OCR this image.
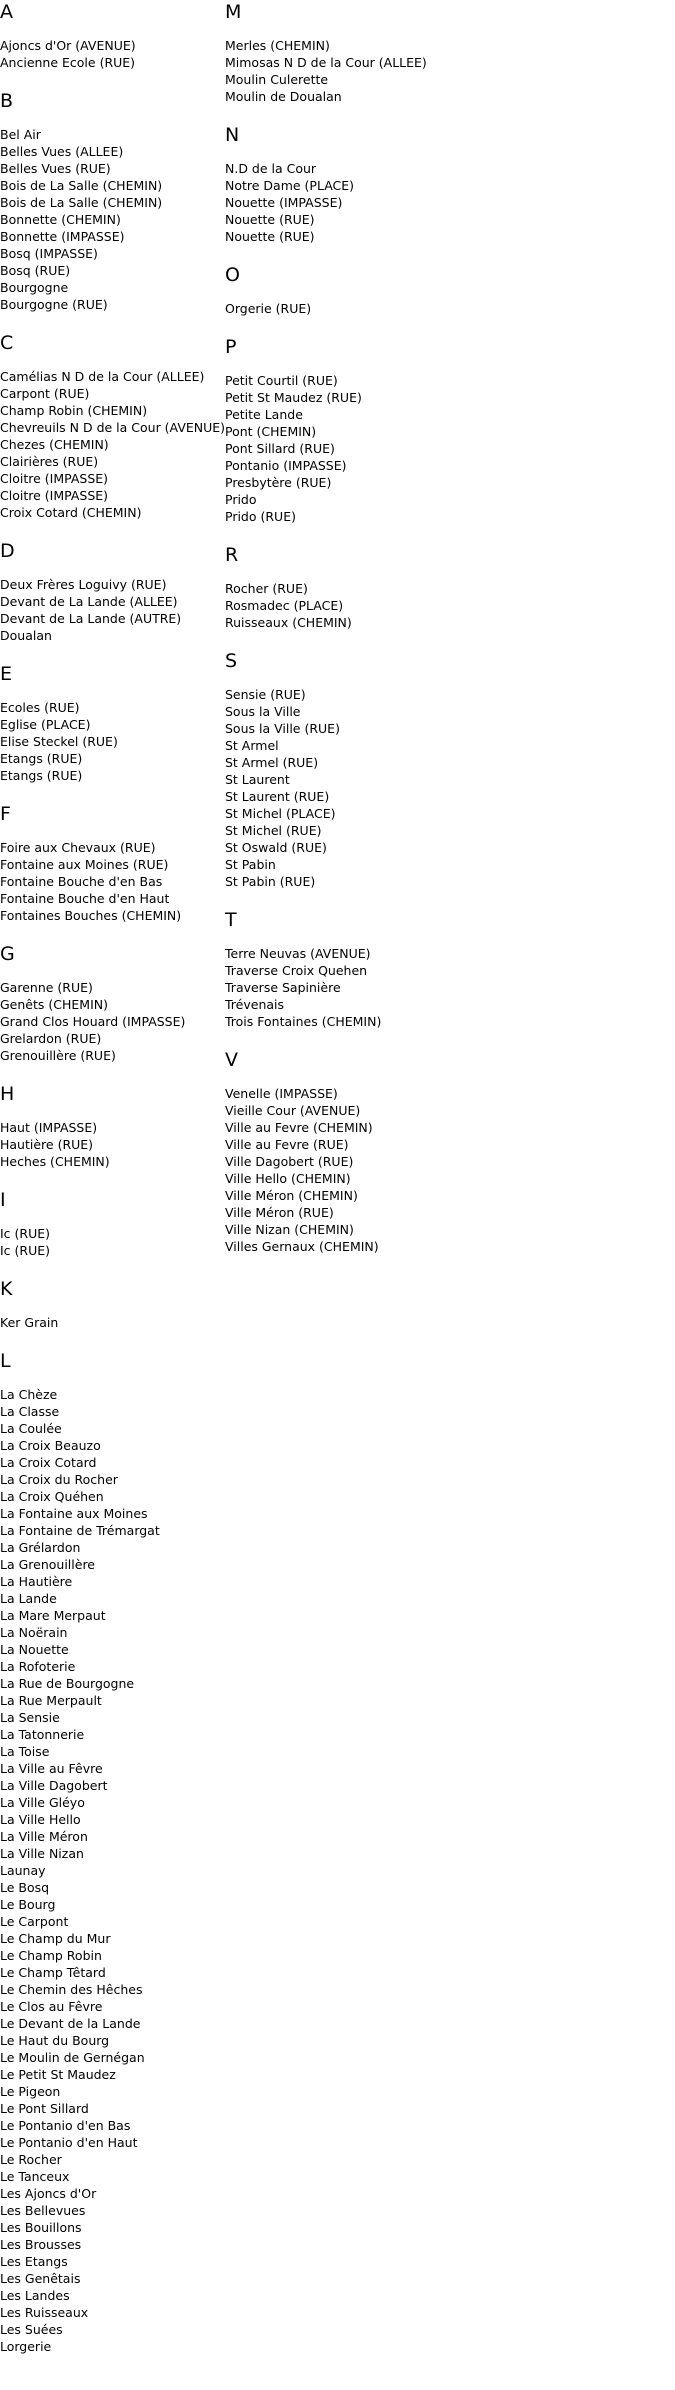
A
Ajoncs d'Or (AVENUE)
Ancienne Ecole (RUE)
B
Bel Air
Belles Vues (ALLEE)
Belles Vues (RUE)
Bois de La Salle (CHEMIN)
Bois de La Salle (CHEMIN)
Bonnette (CHEMIN)
Bonnette (IMPASSE)
Bosq (IMPASSE)
Bosq (RUE)
Bourgogne
Bourgogne (RUE)
C
Camélias N D de la Cour (ALLEE)
Carpont (RUE)
Champ Robin (CHEMIN)
Chevreuils N D de la Cour (AVENUE)
Chezes (CHEMIN)
Clairières (RUE)
Cloitre (IMPASSE)
Cloitre (IMPASSE)
Croix Cotard (CHEMIN)
D
Deux Frères Loguivy (RUE)
Devant de La Lande (ALLEE)
Devant de La Lande (AUTRE)
Doualan
E
Ecoles (RUE)
Eglise (PLACE)
Elise Steckel (RUE)
Etangs (RUE)
Etangs (RUE)
F
Foire aux Chevaux (RUE)
Fontaine aux Moines (RUE)
Fontaine Bouche d'en Bas
Fontaine Bouche d'en Haut
Fontaines Bouches (CHEMIN)
G
Garenne (RUE)
Genêts (CHEMIN)
Grand Clos Houard (IMPASSE)
Grelardon (RUE)
Grenouillère (RUE)
H
Haut (IMPASSE)
Hautière (RUE)
Heches (CHEMIN)
I
Ic (RUE)
Ic (RUE)
K
Ker Grain
L
La Chèze
La Classe
La Coulée
La Croix Beauzo
La Croix Cotard
La Croix du Rocher
La Croix Quéhen
La Fontaine aux Moines
La Fontaine de Trémargat
La Grélardon
La Grenouillère
La Hautière
La Lande
La Mare Merpaut
La Noërain
La Nouette
La Rofoterie
La Rue de Bourgogne
La Rue Merpault
La Sensie
La Tatonnerie
La Toise
La Ville au Fêvre
La Ville Dagobert
La Ville Gléyo
La Ville Hello
La Ville Méron
La Ville Nizan
Launay
Le Bosq
Le Bourg
Le Carpont
Le Champ du Mur
Le Champ Robin
Le Champ Têtard
Le Chemin des Hêches
Le Clos au Fêvre
Le Devant de la Lande
Le Haut du Bourg
Le Moulin de Gernégan
Le Petit St Maudez
Le Pigeon
Le Pont Sillard
Le Pontanio d'en Bas
Le Pontanio d'en Haut
Le Rocher
Le Tanceux
Les Ajoncs d'Or
Les Bellevues
Les Bouillons
Les Brousses
Les Etangs
Les Genêtais
Les Landes
Les Ruisseaux
Les Suées
Lorgerie
M
Merles (CHEMIN)
Mimosas N D de la Cour (ALLEE)
Moulin Culerette
Moulin de Doualan
N
N.D de la Cour
Notre Dame (PLACE)
Nouette (IMPASSE)
Nouette (RUE)
Nouette (RUE)
O
Orgerie (RUE)
P
Petit Courtil (RUE)
Petit St Maudez (RUE)
Petite Lande
Pont (CHEMIN)
Pont Sillard (RUE)
Pontanio (IMPASSE)
Presbytère (RUE)
Prido
Prido (RUE)
R
Rocher (RUE)
Rosmadec (PLACE)
Ruisseaux (CHEMIN)
S
Sensie (RUE)
Sous la Ville
Sous la Ville (RUE)
St Armel
St Armel (RUE)
St Laurent
St Laurent (RUE)
St Michel (PLACE)
St Michel (RUE)
St Oswald (RUE)
St Pabin
St Pabin (RUE)
T
Terre Neuvas (AVENUE)
Traverse Croix Quehen
Traverse Sapinière
Trévenais
Trois Fontaines (CHEMIN)
V
Venelle (IMPASSE)
Vieille Cour (AVENUE)
Ville au Fevre (CHEMIN)
Ville au Fevre (RUE)
Ville Dagobert (RUE)
Ville Hello (CHEMIN)
Ville Méron (CHEMIN)
Ville Méron (RUE)
Ville Nizan (CHEMIN)
Villes Gernaux (CHEMIN)
